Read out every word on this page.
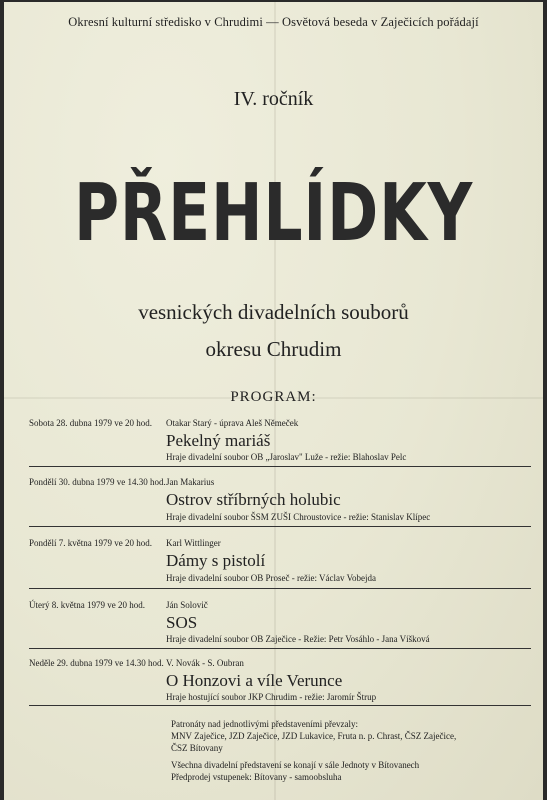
Okresní kulturní středisko v Chrudimi — Osvětová beseda v Zaječicích pořádají
IV. ročník
PŘEHLÍDKY
vesnických divadelních souborů
okresu Chrudim
PROGRAM:
Sobota 28. dubna 1979 ve 20 hod. Otakar Starý - úprava Aleš Němeček
Pekelný mariáš
Hraje divadelní soubor OB „Jaroslav" Luže - režie: Blahoslav Pelc
Pondělí 30. dubna 1979 ve 14.30 hod. Jan Makarius
Ostrov stříbrných holubic
Hraje divadelní soubor ŠSM ZUŠI Chroustovice - režie: Stanislav Klípec
Pondělí 7. května 1979 ve 20 hod. Karl Wittlinger
Dámy s pistolí
Hraje divadelní soubor OB Proseč - režie: Václav Vobejda
Úterý 8. května 1979 ve 20 hod. Ján Solovič
SOS
Hraje divadelní soubor OB Zaječice - Režie: Petr Vosáhlo - Jana Víšková
Neděle 29. dubna 1979 ve 14.30 hod. V. Novák - S. Oubran
O Honzovi a víle Verunce
Hraje hostující soubor JKP Chrudim - režie: Jaromír Štrup

Patronáty nad jednotlivými představeními převzaly:

MNV Zaječice, JZD Zaječice, JZD Lukavice, Fruta n. p. Chrast, ČSZ Zaječice,

ČSZ Bítovany

Všechna divadelní představení se konají v sále Jednoty v Bítovanech

Předprodej vstupenek: Bítovany - samoobsluha
